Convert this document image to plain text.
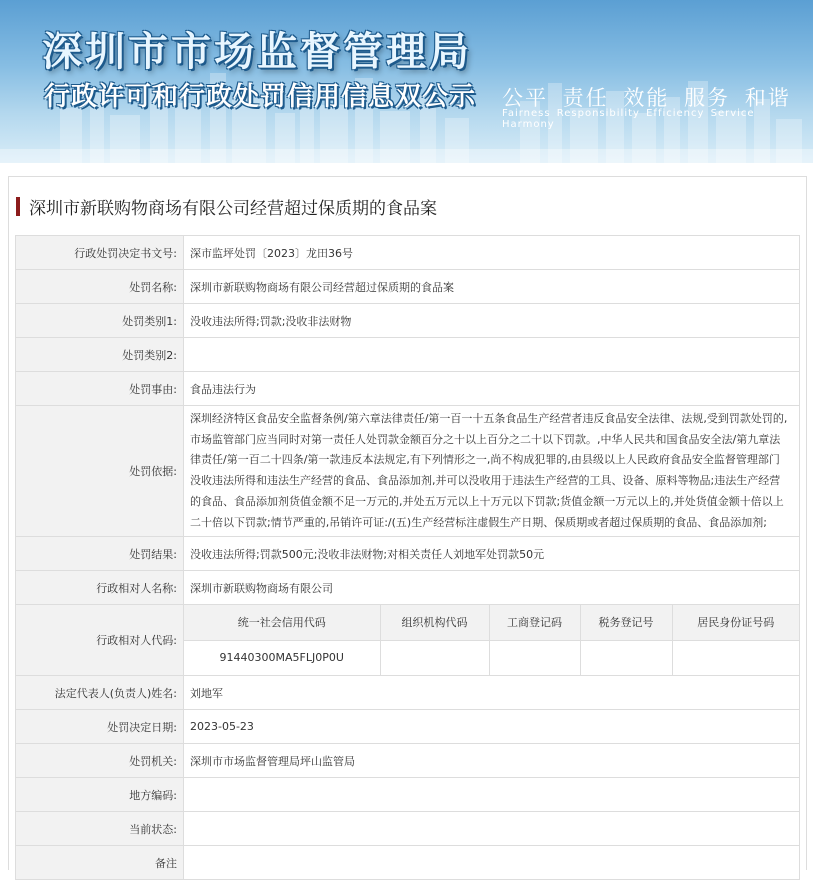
深圳市市场监督管理局
行政许可和行政处罚信用信息双公示 公平 责任 效能 服务 和谐
Fairness Responsibility Efficiency Service Harmony
深圳市新联购物商场有限公司经营超过保质期的食品案
行政处罚决定书文号:	深市监坪处罚〔2023〕龙田36号
处罚名称:	深圳市新联购物商场有限公司经营超过保质期的食品案
处罚类别1:	没收违法所得;罚款;没收非法财物
处罚类别2:	
处罚事由:	食品违法行为
处罚依据:	
深圳经济特区食品安全监督条例/第六章法律责任/第一百一十五条食品生产经营者违反食品安全法律、法规,受到罚款处罚的,
市场监管部门应当同时对第一责任人处罚款金额百分之十以上百分之二十以下罚款。,中华人民共和国食品安全法/第九章法
律责任/第一百二十四条/第一款违反本法规定,有下列情形之一,尚不构成犯罪的,由县级以上人民政府食品安全监督管理部门
没收违法所得和违法生产经营的食品、食品添加剂,并可以没收用于违法生产经营的工具、设备、原料等物品;违法生产经营
的食品、食品添加剂货值金额不足一万元的,并处五万元以上十万元以下罚款;货值金额一万元以上的,并处货值金额十倍以上
二十倍以下罚款;情节严重的,吊销许可证:/(五)生产经营标注虚假生产日期、保质期或者超过保质期的食品、食品添加剂;

处罚结果:	没收违法所得;罚款500元;没收非法财物;对相关责任人刘地军处罚款50元
行政相对人名称:	深圳市新联购物商场有限公司
行政相对人代码:	
统一社会信用代码	组织机构代码	工商登记码	税务登记号	居民身份证号码
91440300MA5FLJ0P0U				

法定代表人(负责人)姓名:	刘地军
处罚决定日期:	2023-05-23
处罚机关:	深圳市市场监督管理局坪山监管局
地方编码:	
当前状态:	
备注	
